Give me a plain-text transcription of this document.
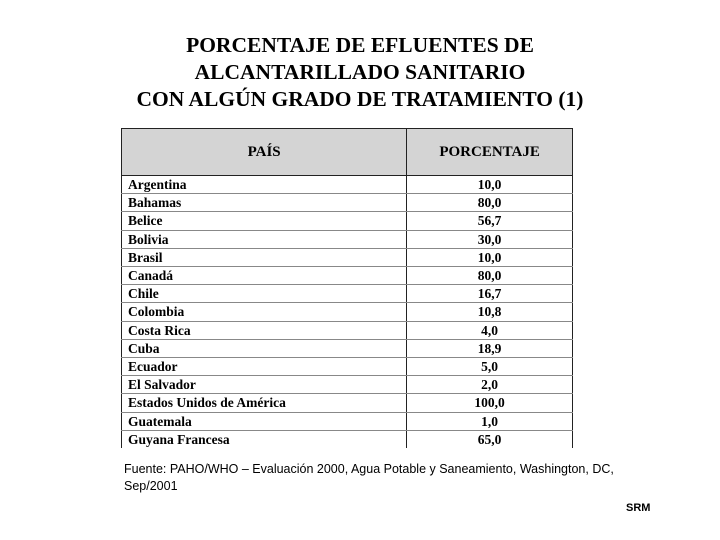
PORCENTAJE DE EFLUENTES DE
ALCANTARILLADO SANITARIO
CON ALGÚN GRADO DE TRATAMIENTO (1)
PAÍS	PORCENTAJE
Argentina	10,0
Bahamas	80,0
Belice	56,7
Bolivia	30,0
Brasil	10,0
Canadá	80,0
Chile	16,7
Colombia	10,8
Costa Rica	4,0
Cuba	18,9
Ecuador	5,0
El Salvador	2,0
Estados Unidos de América	100,0
Guatemala	1,0
Guyana Francesa	65,0
Fuente: PAHO/WHO – Evaluación 2000, Agua Potable y Saneamiento, Washington, DC, Sep/2001
SRM
